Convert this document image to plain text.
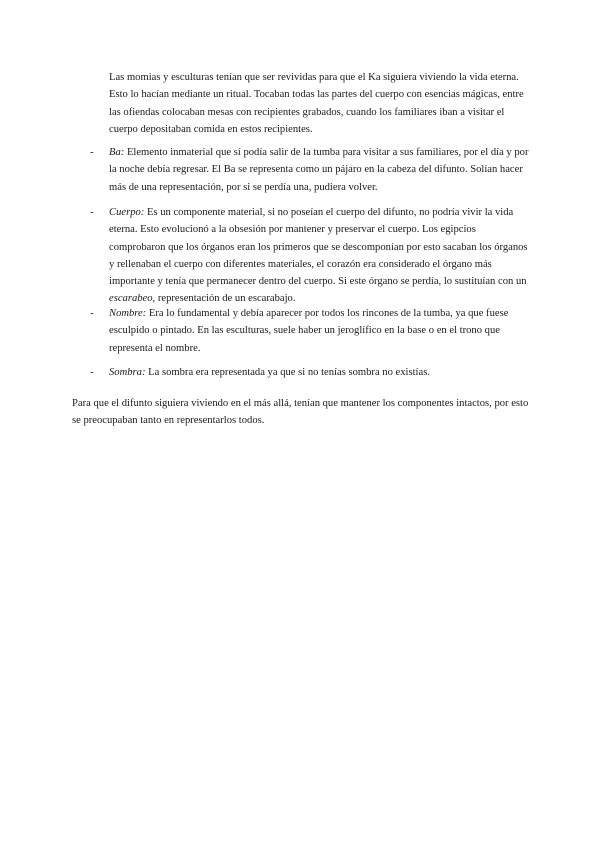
Las momias y esculturas tenían que ser revividas para que el Ka siguiera viviendo la vida eterna. Esto lo hacían mediante un ritual. Tocaban todas las partes del cuerpo con esencias mágicas, entre las ofiendas colocaban mesas con recipientes grabados, cuando los familiares iban a visitar el cuerpo depositaban comida en estos recipientes.

- Ba: Elemento inmaterial que sí podía salir de la tumba para visitar a sus familiares, por el día y por la noche debía regresar. El Ba se representa como un pájaro en la cabeza del difunto. Solían hacer más de una representación, por si se perdía una, pudiera volver.

- Cuerpo: Es un componente material, si no poseían el cuerpo del difunto, no podría vivir la vida eterna. Esto evolucionó a la obsesión por mantener y preservar el cuerpo. Los egipcios comprobaron que los órganos eran los primeros que se descomponían por esto sacaban los órganos y rellenaban el cuerpo con diferentes materiales, el corazón era considerado el órgano más importante y tenía que permanecer dentro del cuerpo. Si este órgano se perdía, lo sustituían con un escarabeo, representación de un escarabajo.

- Nombre: Era lo fundamental y debía aparecer por todos los rincones de la tumba, ya que fuese esculpido o pintado. En las esculturas, suele haber un jeroglífico en la base o en el trono que representa el nombre.

- Sombra: La sombra era representada ya que si no tenías sombra no existías.

Para que el difunto siguiera viviendo en el más allá, tenían que mantener los componentes intactos, por esto se preocupaban tanto en representarlos todos.
